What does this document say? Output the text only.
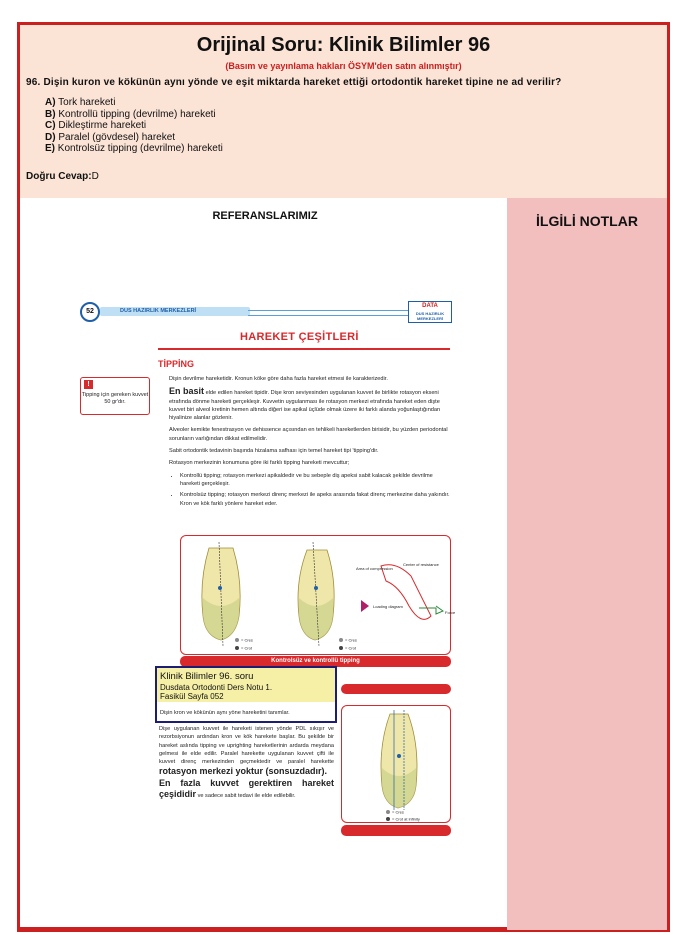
Orijinal Soru: Klinik Bilimler 96
(Basım ve yayınlama hakları ÖSYM'den satın alınmıştır)
96. Dişin kuron ve kökünün aynı yönde ve eşit miktarda hareket ettiği ortodontik hareket tipine ne ad verilir?
A) Tork hareketi
B) Kontrollü tipping (devrilme) hareketi
C) Dikleştirme hareketi
D) Paralel (gövdesel) hareket
E) Kontrolsüz tipping (devrilme) hareketi
Doğru Cevap:D
REFERANSLARIMIZ	İLGİLİ NOTLAR
52	DUS HAZIRLIK MERKEZLERİ
DATA
DUS HAZIRLIK MERKEZLERİ
HAREKET ÇEŞİTLERİ
TİPPİNG
Tipping için gereken kuvvet 50 gr'dır.
!

Dişin devrilme hareketidir. Kronun köke göre daha fazla hareket etmesi ile karakterizedir.

En basit elde edilen hareket tipidir. Dişe kron seviyesinden uygulanan kuvvet ile birlikte rotasyon ekseni etrafında dönme hareketi gerçekleşir. Kuvvetin uygulanması ile rotasyon merkezi etrafında hareket eden dişte kuvvet biri alveol kretinin hemen altında diğeri ise apikal üçlüde olmak üzere iki farklı alanda yoğunlaştığından hiyalinize alanlar gözlenir.

Alveoler kemikte fenestrasyon ve dehissence açısından en tehlikeli hareketlerden birisidir, bu yüzden periodontal sorunların varlığından dikkat edilmelidir.

Sabit ortodontik tedavinin başında hizalama safhası için temel hareket tipi 'tipping'dir.

Rotasyon merkezinin konumuna göre iki farklı tipping hareketi mevcuttur;

• Kontrollü tipping; rotasyon merkezi apikaldedir ve bu sebeple diş apeksi sabit kalacak şekilde devrilme hareketi gerçekleşir.
• Kontrolsüz tipping; rotasyon merkezi direnç merkezi ile apeks arasında fakat direnç merkezine daha yakındır. Kron ve kök farklı yönlere hareket eder.
Area of compression
Center of resistance
Loading diagram
Force
= Cres
= Crot
= Cres
= Crot
Kontrolsüz ve kontrollü tipping
= Cres
= Crot at infinity
Klinik Bilimler 96. soru
Dusdata Ortodonti Ders Notu 1.
Fasikül Sayfa 052
Dişin kron ve kökünün aynı yöne hareketini tanımlar.
Dişe uygulanan kuvvet ile hareketi istenen yönde PDL sıkışır ve rezorbsiyonun ardından kron ve kök harekete başlar. Bu şekilde bir hareket aslında tipping ve uprighting hareketlerinin ardarda meydana gelmesi ile elde edilir. Paralel harekette uygulanan kuvvet çifti ile kuvvet direnç merkezinden geçmektedir ve paralel harekette rotasyon merkezi yoktur (sonsuzdadır).
En fazla kuvvet gerektiren hareket çeşididir ve sadece sabit tedavi ile elde edilebilir.
